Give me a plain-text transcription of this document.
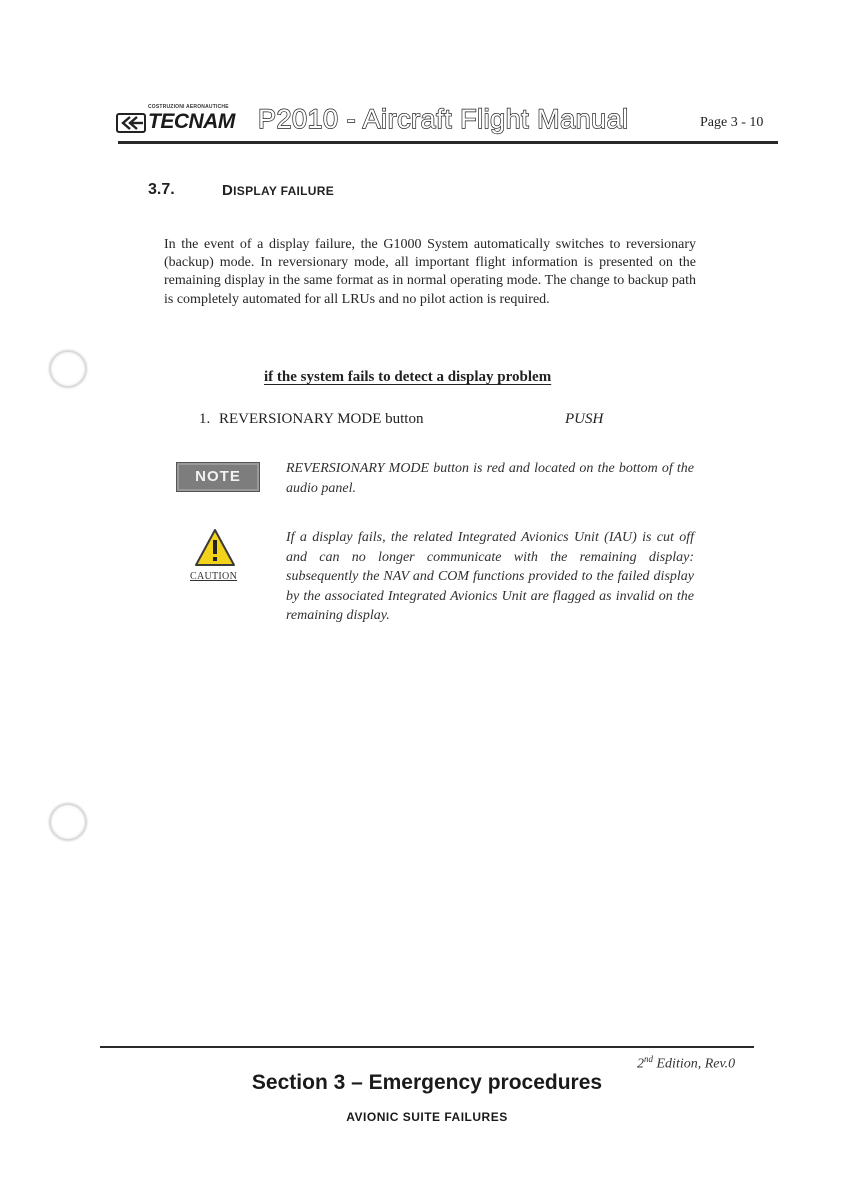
COSTRUZIONI AERONAUTICHE
TECNAM P2010 - Aircraft Flight Manual	Page 3 - 10
3.7.	DISPLAY FAILURE

In the event of a display failure, the G1000 System automatically switches to reversionary (backup) mode. In reversionary mode, all important flight information is presented on the remaining display in the same format as in normal operating mode. The change to backup path is completely automated for all LRUs and no pilot action is required.

if the system fails to detect a display problem
1. REVERSIONARY MODE button	PUSH
NOTE	REVERSIONARY MODE button is red and located on the bottom of the audio panel.

CAUTION

If a display fails, the related Integrated Avionics Unit (IAU) is cut off and can no longer communicate with the remaining display: subsequently the NAV and COM functions provided to the failed display by the associated Integrated Avionics Unit are flagged as invalid on the remaining display.

2nd Edition, Rev.0
Section 3 – Emergency procedures
AVIONIC SUITE FAILURES
